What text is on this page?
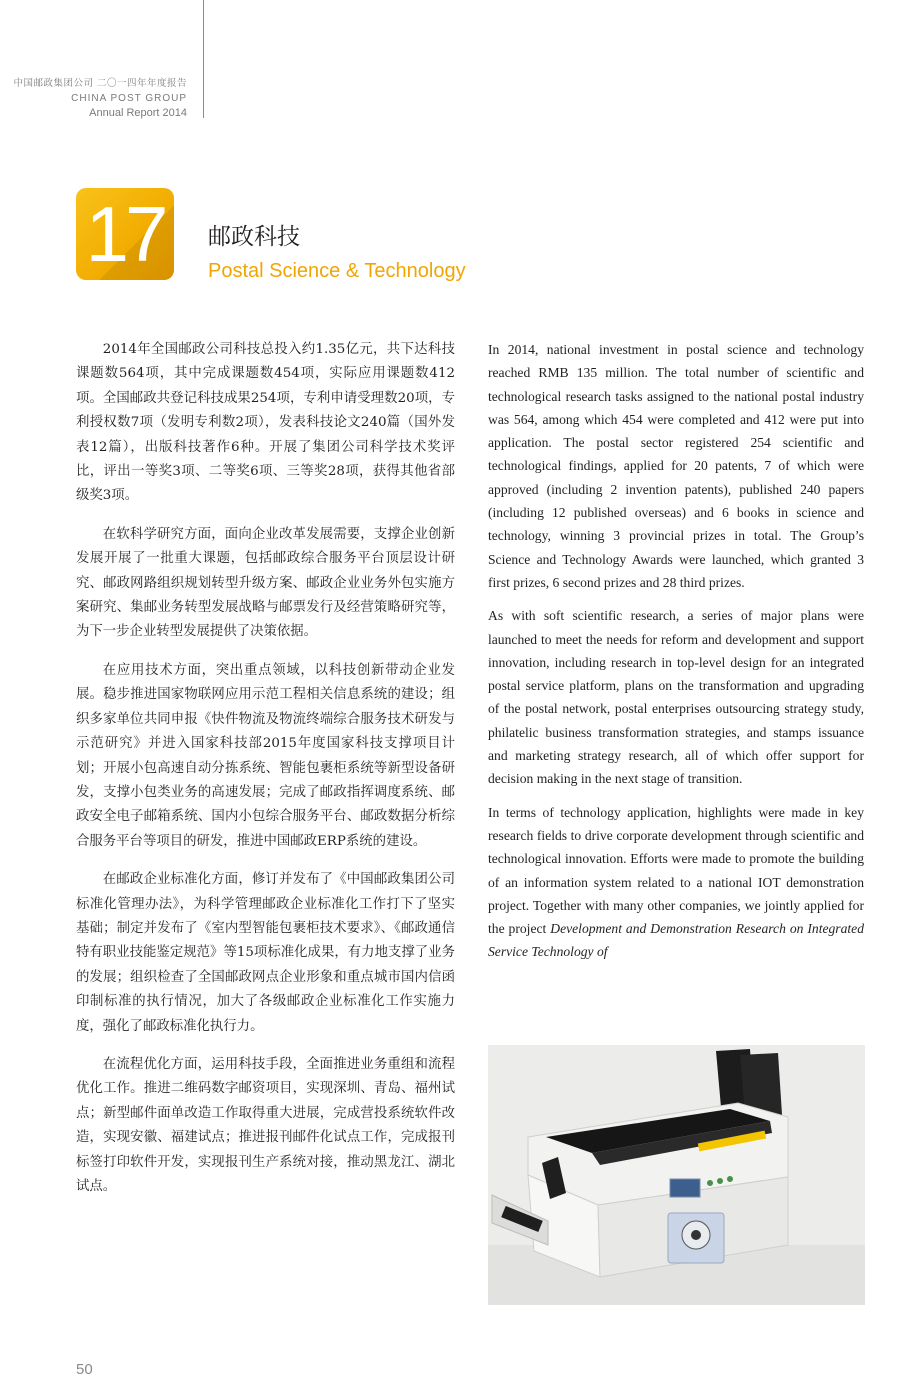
中国邮政集团公司 二〇一四年年度报告
CHINA POST GROUP
Annual Report 2014
17	邮政科技
Postal Science & Technology

2014年全国邮政公司科技总投入约1.35亿元，共下达科技课题数564项，其中完成课题数454项，实际应用课题数412项。全国邮政共登记科技成果254项，专利申请受理数20项，专利授权数7项（发明专利数2项），发表科技论文240篇（国外发表12篇），出版科技著作6种。开展了集团公司科学技术奖评比，评出一等奖3项、二等奖6项、三等奖28项，获得其他省部级奖3项。

在软科学研究方面，面向企业改革发展需要，支撑企业创新发展开展了一批重大课题，包括邮政综合服务平台顶层设计研究、邮政网路组织规划转型升级方案、邮政企业业务外包实施方案研究、集邮业务转型发展战略与邮票发行及经营策略研究等，为下一步企业转型发展提供了决策依据。

在应用技术方面，突出重点领域，以科技创新带动企业发展。稳步推进国家物联网应用示范工程相关信息系统的建设；组织多家单位共同申报《快件物流及物流终端综合服务技术研发与示范研究》并进入国家科技部2015年度国家科技支撑项目计划；开展小包高速自动分拣系统、智能包裹柜系统等新型设备研发，支撑小包类业务的高速发展；完成了邮政指挥调度系统、邮政安全电子邮箱系统、国内小包综合服务平台、邮政数据分析综合服务平台等项目的研发，推进中国邮政ERP系统的建设。

在邮政企业标准化方面，修订并发布了《中国邮政集团公司标准化管理办法》，为科学管理邮政企业标准化工作打下了坚实基础；制定并发布了《室内型智能包裹柜技术要求》、《邮政通信特有职业技能鉴定规范》等15项标准化成果，有力地支撑了业务的发展；组织检查了全国邮政网点企业形象和重点城市国内信函印制标准的执行情况，加大了各级邮政企业标准化工作实施力度，强化了邮政标准化执行力。

在流程优化方面，运用科技手段，全面推进业务重组和流程优化工作。推进二维码数字邮资项目，实现深圳、青岛、福州试点；新型邮件面单改造工作取得重大进展，完成营投系统软件改造，实现安徽、福建试点；推进报刊邮件化试点工作，完成报刊标签打印软件开发，实现报刊生产系统对接，推动黑龙江、湖北试点。

In 2014, national investment in postal science and technology reached RMB 135 million. The total number of scientific and technological research tasks assigned to the national postal industry was 564, among which 454 were completed and 412 were put into application. The postal sector registered 254 scientific and technological findings, applied for 20 patents, 7 of which were approved (including 2 invention patents), published 240 papers (including 12 published overseas) and 6 books in science and technology, winning 3 provincial prizes in total. The Group’s Science and Technology Awards were launched, which granted 3 first prizes, 6 second prizes and 28 third prizes.

As with soft scientific research, a series of major plans were launched to meet the needs for reform and development and support innovation, including research in top-level design for an integrated postal service platform, plans on the transformation and upgrading of the postal network, postal enterprises outsourcing strategy study, philatelic business transformation strategies, and stamps issuance and marketing strategy research, all of which offer support for decision making in the next stage of transition.

In terms of technology application, highlights were made in key research fields to drive corporate development through scientific and technological innovation. Efforts were made to promote the building of an information system related to a national IOT demonstration project. Together with many other companies, we jointly applied for the project Development and Demonstration Research on Integrated Service Technology of

50
